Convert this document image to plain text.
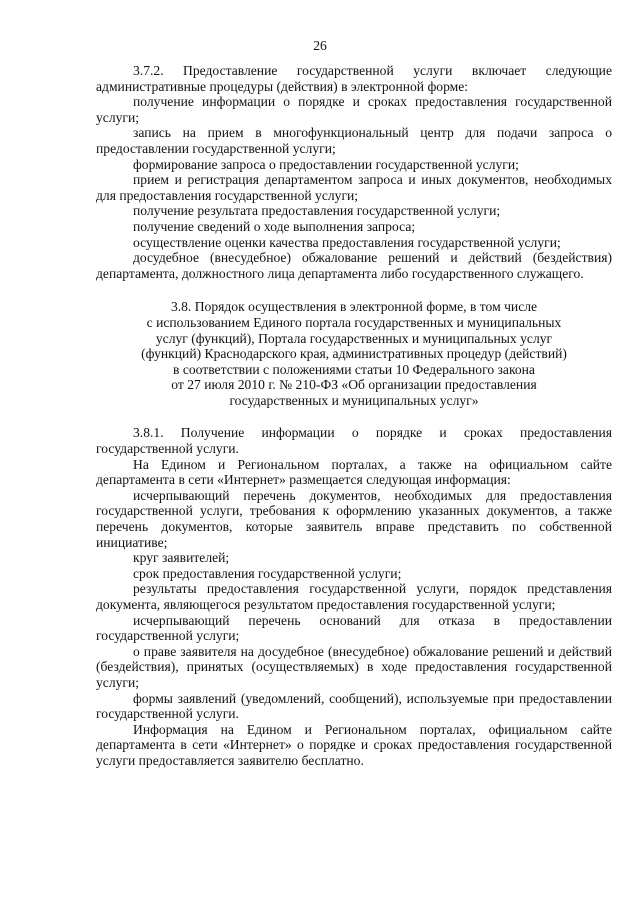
26

3.7.2. Предоставление государственной услуги включает следующие административные процедуры (действия) в электронной форме:

получение информации о порядке и сроках предоставления государственной услуги;

запись на прием в многофункциональный центр для подачи запроса о предоставлении государственной услуги;

формирование запроса о предоставлении государственной услуги;

прием и регистрация департаментом запроса и иных документов, необходимых для предоставления государственной услуги;

получение результата предоставления государственной услуги;

получение сведений о ходе выполнения запроса;

осуществление оценки качества предоставления государственной услуги;

досудебное (внесудебное) обжалование решений и действий (бездействия) департамента, должностного лица департамента либо государственного служащего.

3.8. Порядок осуществления в электронной форме, в том числе
с использованием Единого портала государственных и муниципальных
услуг (функций), Портала государственных и муниципальных услуг
(функций) Краснодарского края, административных процедур (действий)
в соответствии с положениями статьи 10 Федерального закона
от 27 июля 2010 г. № 210-ФЗ «Об организации предоставления
государственных и муниципальных услуг»

3.8.1. Получение информации о порядке и сроках предоставления государственной услуги.

На Едином и Региональном порталах, а также на официальном сайте департамента в сети «Интернет» размещается следующая информация:

исчерпывающий перечень документов, необходимых для предоставления государственной услуги, требования к оформлению указанных документов, а также перечень документов, которые заявитель вправе представить по собственной инициативе;

круг заявителей;

срок предоставления государственной услуги;

результаты предоставления государственной услуги, порядок представления документа, являющегося результатом предоставления государственной услуги;

исчерпывающий перечень оснований для отказа в предоставлении государственной услуги;

о праве заявителя на досудебное (внесудебное) обжалование решений и действий (бездействия), принятых (осуществляемых) в ходе предоставления государственной услуги;

формы заявлений (уведомлений, сообщений), используемые при предоставлении государственной услуги.

Информация на Едином и Региональном порталах, официальном сайте департамента в сети «Интернет» о порядке и сроках предоставления государственной услуги предоставляется заявителю бесплатно.
